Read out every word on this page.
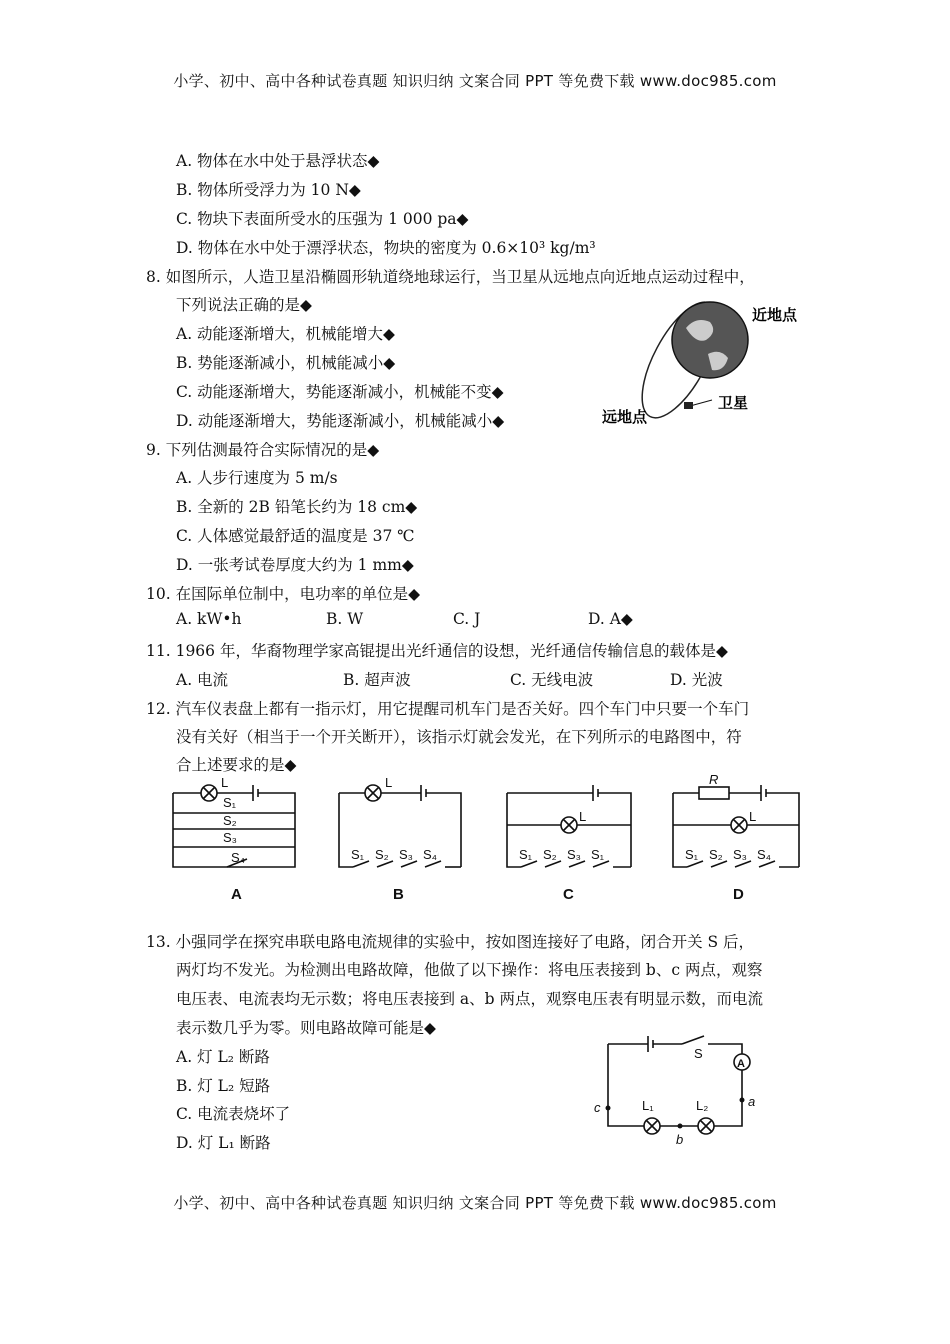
小学、初中、高中各种试卷真题 知识归纳 文案合同 PPT 等免费下载 www.doc985.com
A. 物体在水中处于悬浮状态◆
B. 物体所受浮力为 10 N◆
C. 物块下表面所受水的压强为 1 000 pa◆
D. 物体在水中处于漂浮状态，物块的密度为 0.6×10³ kg/m³
8. 如图所示，人造卫星沿椭圆形轨道绕地球运行，当卫星从远地点向近地点运动过程中，
下列说法正确的是◆
A. 动能逐渐增大，机械能增大◆
B. 势能逐渐减小，机械能减小◆
C. 动能逐渐增大，势能逐渐减小，机械能不变◆
D. 动能逐渐增大，势能逐渐减小，机械能减小◆
近地点
远地点
卫星
9. 下列估测最符合实际情况的是◆
A. 人步行速度为 5 m/s
B. 全新的 2B 铅笔长约为 18 cm◆
C. 人体感觉最舒适的温度是 37 ℃
D. 一张考试卷厚度大约为 1 mm◆
10. 在国际单位制中，电功率的单位是◆
A. kW•h	B. W	C. J	D. A◆
11. 1966 年，华裔物理学家高锟提出光纤通信的设想，光纤通信传输信息的载体是◆
A. 电流	B. 超声波	C. 无线电波	D. 光波
12. 汽车仪表盘上都有一指示灯，用它提醒司机车门是否关好。四个车门中只要一个车门
没有关好（相当于一个开关断开），该指示灯就会发光，在下列所示的电路图中，符
合上述要求的是◆
L
S₁
S₂
S₃
S₄
L
S₁ S₂ S₃ S₄
L
S₁ S₂ S₃ S₁
R
L
S₁ S₂ S₃ S₄
A	B	C	D
13. 小强同学在探究串联电路电流规律的实验中，按如图连接好了电路，闭合开关 S 后，
两灯均不发光。为检测出电路故障，他做了以下操作：将电压表接到 b、c 两点，观察
电压表、电流表均无示数；将电压表接到 a、b 两点，观察电压表有明显示数，而电流
表示数几乎为零。则电路故障可能是◆
A. 灯 L₂ 断路
B. 灯 L₂ 短路
C. 电流表烧坏了
D. 灯 L₁ 断路
S
A
L₁	L₂	a
b
c
小学、初中、高中各种试卷真题 知识归纳 文案合同 PPT 等免费下载 www.doc985.com
